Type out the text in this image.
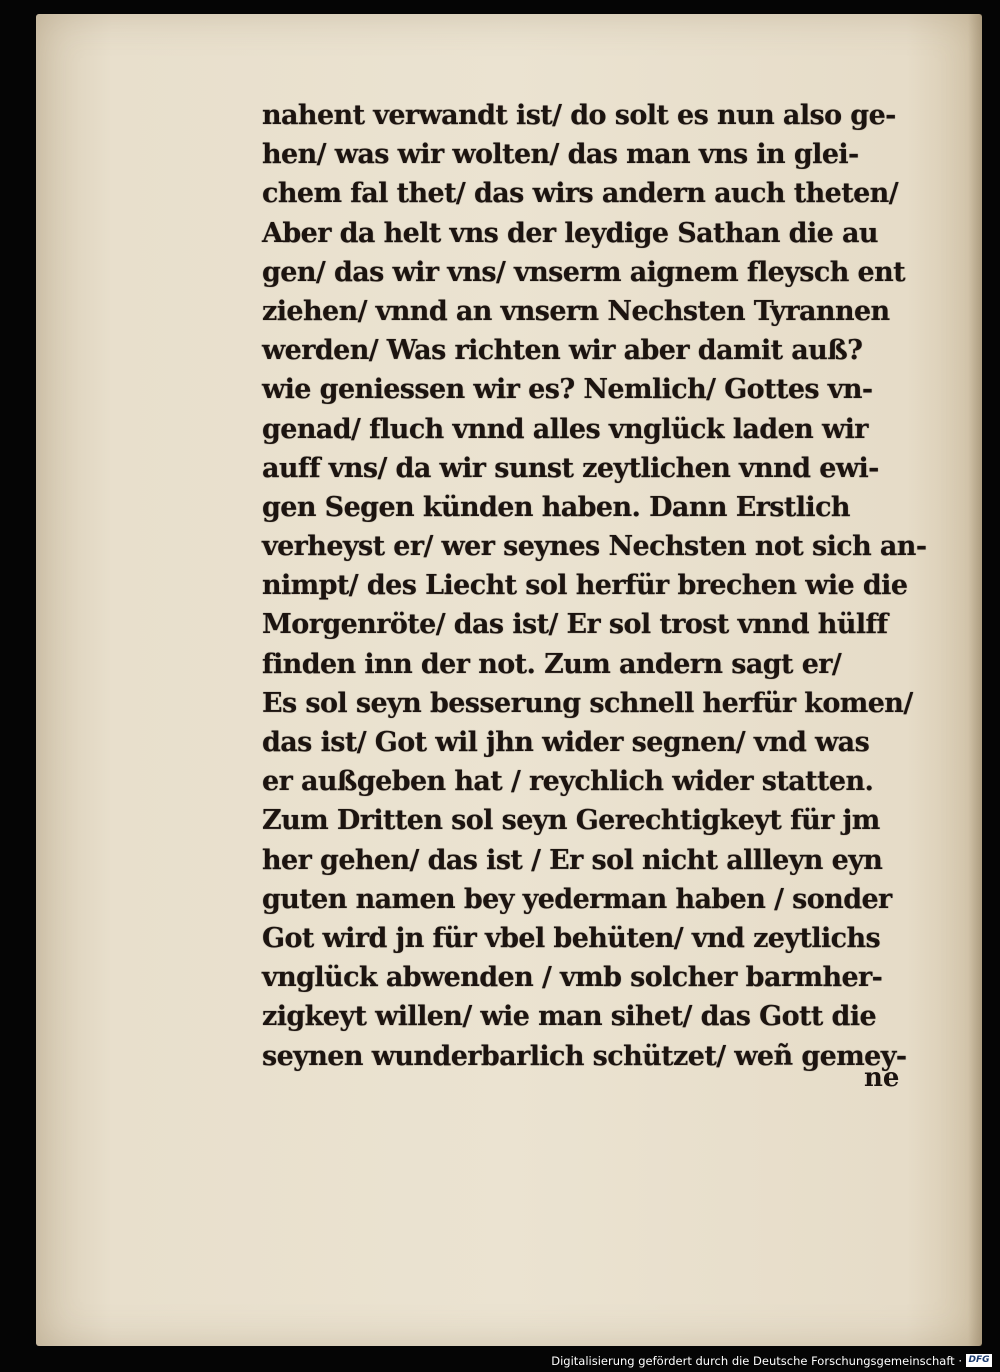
nahent verwandt ist/ do solt es nun also ge-
hen/ was wir wolten/ das man vns in glei-
chem fal thet/ das wirs andern auch theten/
Aber da helt vns der leydige Sathan die au
gen/ das wir vns/ vnserm aignem fleysch ent
ziehen/ vnnd an vnsern Nechsten Tyrannen
werden/ Was richten wir aber damit auß?
wie geniessen wir es? Nemlich/ Gottes vn-
genad/ fluch vnnd alles vnglück laden wir
auff vns/ da wir sunst zeytlichen vnnd ewi-
gen Segen künden haben. Dann Erstlich
verheyst er/ wer seynes Nechsten not sich an-
nimpt/ des Liecht sol herfür brechen wie die
Morgenröte/ das ist/ Er sol trost vnnd hülff
finden inn der not. Zum andern sagt er/
Es sol seyn besserung schnell herfür komen/
das ist/ Got wil jhn wider segnen/ vnd was
er außgeben hat / reychlich wider statten.
Zum Dritten sol seyn Gerechtigkeyt für jm
her gehen/ das ist / Er sol nicht allleyn eyn
guten namen bey yederman haben / sonder
Got wird jn für vbel behüten/ vnd zeytlichs
vnglück abwenden / vmb solcher barmher-
zigkeyt willen/ wie man sihet/ das Gott die
seynen wunderbarlich schützet/ weñ gemey-
ne
Digitalisierung gefördert durch die Deutsche Forschungsgemeinschaft · DFG
